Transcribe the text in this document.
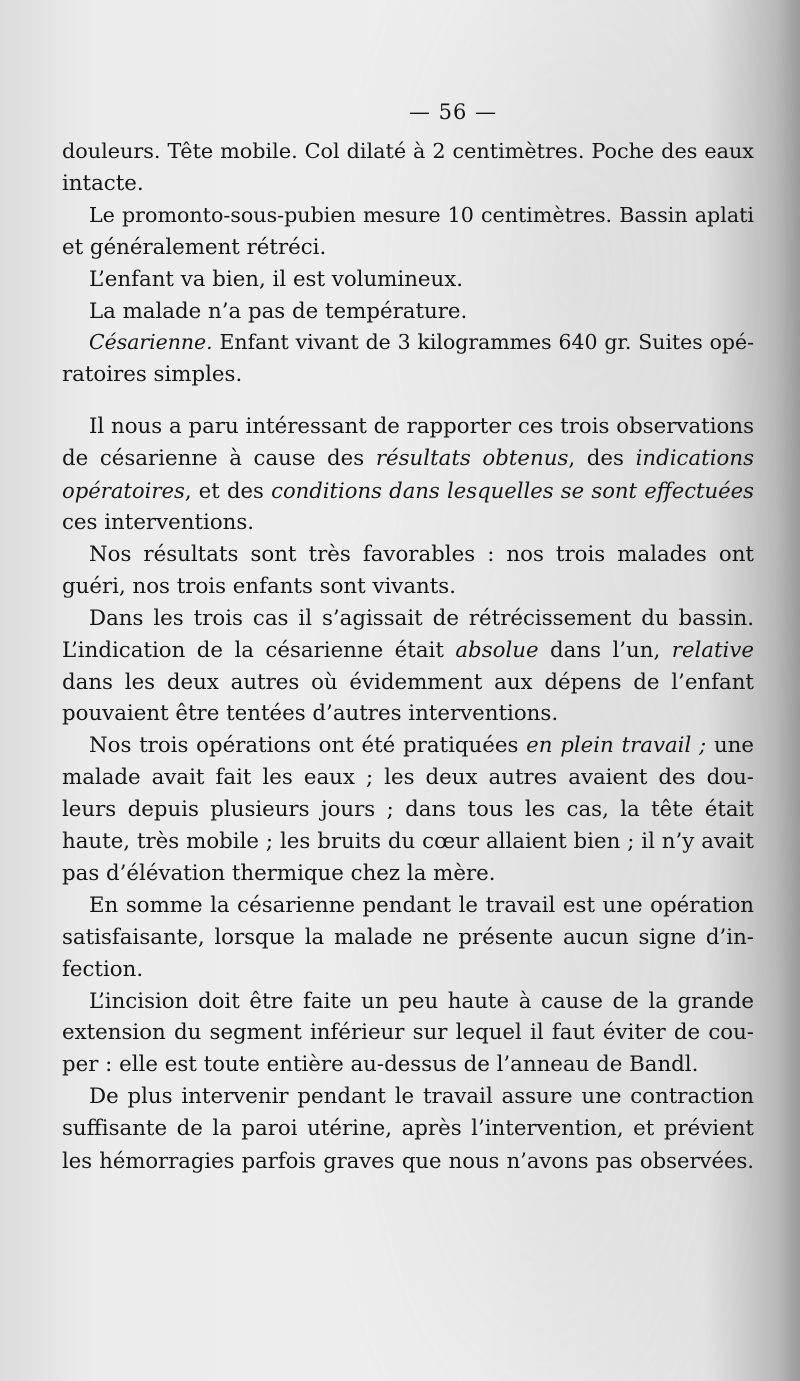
— 56 —
douleurs. Tête mobile. Col dilaté à 2 centimètres. Poche des eaux
intacte.
Le promonto-sous-pubien mesure 10 centimètres. Bassin aplati
et généralement rétréci.
L’enfant va bien, il est volumineux.
La malade n’a pas de température.
Césarienne. Enfant vivant de 3 kilogrammes 640 gr. Suites opé-
ratoires simples.
Il nous a paru intéressant de rapporter ces trois observations
de césarienne à cause des résultats obtenus, des indications
opératoires, et des conditions dans lesquelles se sont effectuées
ces interventions.
Nos résultats sont très favorables : nos trois malades ont
guéri, nos trois enfants sont vivants.
Dans les trois cas il s’agissait de rétrécissement du bassin.
L’indication de la césarienne était absolue dans l’un, relative
dans les deux autres où évidemment aux dépens de l’enfant
pouvaient être tentées d’autres interventions.
Nos trois opérations ont été pratiquées en plein travail ; une
malade avait fait les eaux ; les deux autres avaient des dou-
leurs depuis plusieurs jours ; dans tous les cas, la tête était
haute, très mobile ; les bruits du cœur allaient bien ; il n’y avait
pas d’élévation thermique chez la mère.
En somme la césarienne pendant le travail est une opération
satisfaisante, lorsque la malade ne présente aucun signe d’in-
fection.
L’incision doit être faite un peu haute à cause de la grande
extension du segment inférieur sur lequel il faut éviter de cou-
per : elle est toute entière au-dessus de l’anneau de Bandl.
De plus intervenir pendant le travail assure une contraction
suffisante de la paroi utérine, après l’intervention, et prévient
les hémorragies parfois graves que nous n’avons pas observées.
